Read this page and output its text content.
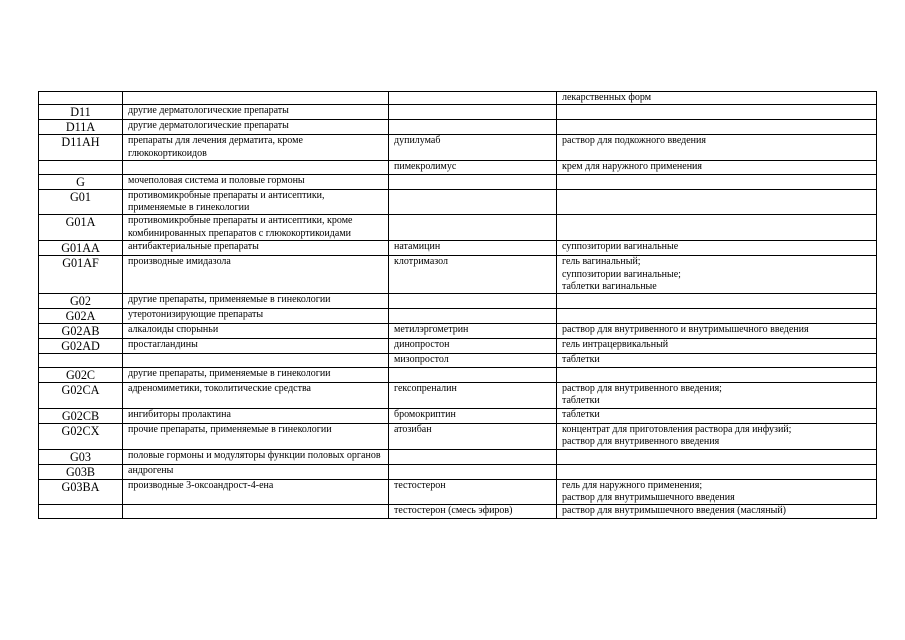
			лекарственных форм
D11	другие дерматологические препараты		
D11A	другие дерматологические препараты		
D11AH	препараты для лечения дерматита, кроме глюкокортикоидов	дупилумаб	раствор для подкожного введения
		пимекролимус	крем для наружного применения
G	мочеполовая система и половые гормоны		
G01	противомикробные препараты и антисептики, применяемые в гинекологии		
G01A	противомикробные препараты и антисептики, кроме комбинированных препаратов с глюкокортикоидами		
G01AA	антибактериальные препараты	натамицин	суппозитории вагинальные
G01AF	производные имидазола	клотримазол	гель вагинальный;
суппозитории вагинальные;
таблетки вагинальные
G02	другие препараты, применяемые в гинекологии		
G02A	утеротонизирующие препараты		
G02AB	алкалоиды спорыньи	метилэргометрин	раствор для внутривенного и внутримышечного введения
G02AD	простагландины	динопростон	гель интрацервикальный
		мизопростол	таблетки
G02C	другие препараты, применяемые в гинекологии		
G02CA	адреномиметики, токолитические средства	гексопреналин	раствор для внутривенного введения;
таблетки
G02CB	ингибиторы пролактина	бромокриптин	таблетки
G02CX	прочие препараты, применяемые в гинекологии	атозибан	концентрат для приготовления раствора для инфузий;
раствор для внутривенного введения
G03	половые гормоны и модуляторы функции половых органов		
G03B	андрогены		
G03BA	производные 3-оксоандрост-4-ена	тестостерон	гель для наружного применения;
раствор для внутримышечного введения
		тестостерон (смесь эфиров)	раствор для внутримышечного введения (масляный)
